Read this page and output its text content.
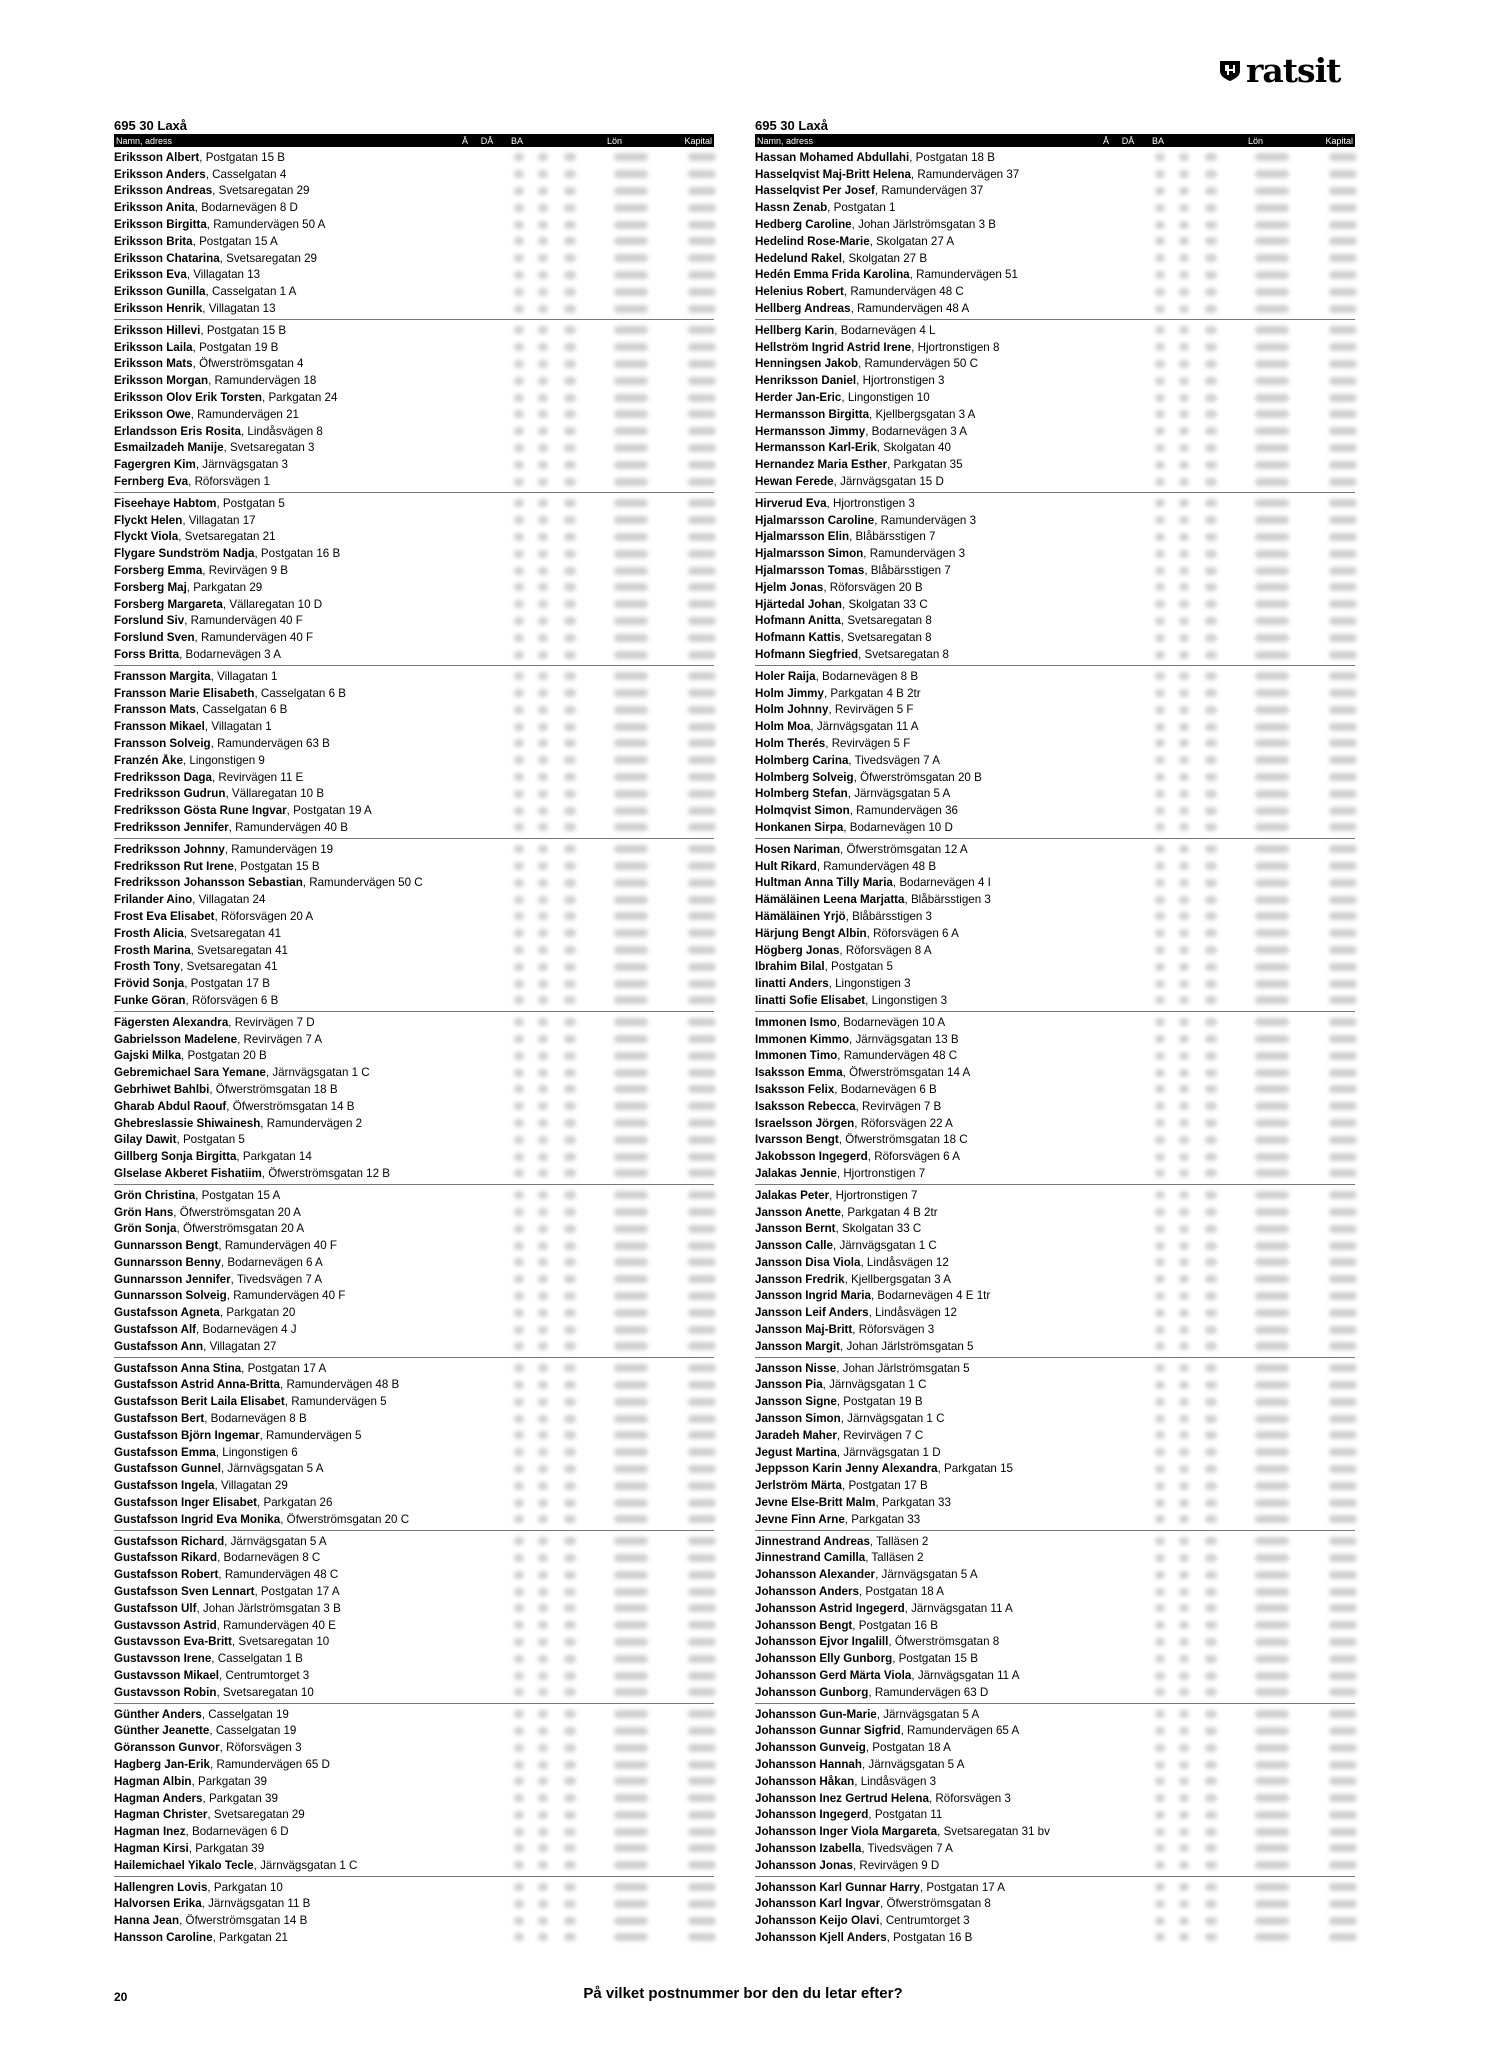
ratsit
695 30 Laxå
Namn, adress	Å	DÅ	BA	Lön	Kapital
Eriksson Albert, Postgatan 15 B
Eriksson Anders, Casselgatan 4
Eriksson Andreas, Svetsaregatan 29
Eriksson Anita, Bodarnevägen 8 D
Eriksson Birgitta, Ramundervägen 50 A
Eriksson Brita, Postgatan 15 A
Eriksson Chatarina, Svetsaregatan 29
Eriksson Eva, Villagatan 13
Eriksson Gunilla, Casselgatan 1 A
Eriksson Henrik, Villagatan 13
Eriksson Hillevi, Postgatan 15 B
Eriksson Laila, Postgatan 19 B
Eriksson Mats, Öfwerströmsgatan 4
Eriksson Morgan, Ramundervägen 18
Eriksson Olov Erik Torsten, Parkgatan 24
Eriksson Owe, Ramundervägen 21
Erlandsson Eris Rosita, Lindåsvägen 8
Esmailzadeh Manije, Svetsaregatan 3
Fagergren Kim, Järnvägsgatan 3
Fernberg Eva, Röforsvägen 1
Fiseehaye Habtom, Postgatan 5
Flyckt Helen, Villagatan 17
Flyckt Viola, Svetsaregatan 21
Flygare Sundström Nadja, Postgatan 16 B
Forsberg Emma, Revirvägen 9 B
Forsberg Maj, Parkgatan 29
Forsberg Margareta, Vällaregatan 10 D
Forslund Siv, Ramundervägen 40 F
Forslund Sven, Ramundervägen 40 F
Forss Britta, Bodarnevägen 3 A
Fransson Margita, Villagatan 1
Fransson Marie Elisabeth, Casselgatan 6 B
Fransson Mats, Casselgatan 6 B
Fransson Mikael, Villagatan 1
Fransson Solveig, Ramundervägen 63 B
Franzén Åke, Lingonstigen 9
Fredriksson Daga, Revirvägen 11 E
Fredriksson Gudrun, Vällaregatan 10 B
Fredriksson Gösta Rune Ingvar, Postgatan 19 A
Fredriksson Jennifer, Ramundervägen 40 B
Fredriksson Johnny, Ramundervägen 19
Fredriksson Rut Irene, Postgatan 15 B
Fredriksson Johansson Sebastian, Ramundervägen 50 C
Frilander Aino, Villagatan 24
Frost Eva Elisabet, Röforsvägen 20 A
Frosth Alicia, Svetsaregatan 41
Frosth Marina, Svetsaregatan 41
Frosth Tony, Svetsaregatan 41
Frövid Sonja, Postgatan 17 B
Funke Göran, Röforsvägen 6 B
Fägersten Alexandra, Revirvägen 7 D
Gabrielsson Madelene, Revirvägen 7 A
Gajski Milka, Postgatan 20 B
Gebremichael Sara Yemane, Järnvägsgatan 1 C
Gebrhiwet Bahlbi, Öfwerströmsgatan 18 B
Gharab Abdul Raouf, Öfwerströmsgatan 14 B
Ghebreslassie Shiwainesh, Ramundervägen 2
Gilay Dawit, Postgatan 5
Gillberg Sonja Birgitta, Parkgatan 14
Glselase Akberet Fishatiim, Öfwerströmsgatan 12 B
Grön Christina, Postgatan 15 A
Grön Hans, Öfwerströmsgatan 20 A
Grön Sonja, Öfwerströmsgatan 20 A
Gunnarsson Bengt, Ramundervägen 40 F
Gunnarsson Benny, Bodarnevägen 6 A
Gunnarsson Jennifer, Tivedsvägen 7 A
Gunnarsson Solveig, Ramundervägen 40 F
Gustafsson Agneta, Parkgatan 20
Gustafsson Alf, Bodarnevägen 4 J
Gustafsson Ann, Villagatan 27
Gustafsson Anna Stina, Postgatan 17 A
Gustafsson Astrid Anna-Britta, Ramundervägen 48 B
Gustafsson Berit Laila Elisabet, Ramundervägen 5
Gustafsson Bert, Bodarnevägen 8 B
Gustafsson Björn Ingemar, Ramundervägen 5
Gustafsson Emma, Lingonstigen 6
Gustafsson Gunnel, Järnvägsgatan 5 A
Gustafsson Ingela, Villagatan 29
Gustafsson Inger Elisabet, Parkgatan 26
Gustafsson Ingrid Eva Monika, Öfwerströmsgatan 20 C
Gustafsson Richard, Järnvägsgatan 5 A
Gustafsson Rikard, Bodarnevägen 8 C
Gustafsson Robert, Ramundervägen 48 C
Gustafsson Sven Lennart, Postgatan 17 A
Gustafsson Ulf, Johan Järlströmsgatan 3 B
Gustavsson Astrid, Ramundervägen 40 E
Gustavsson Eva-Britt, Svetsaregatan 10
Gustavsson Irene, Casselgatan 1 B
Gustavsson Mikael, Centrumtorget 3
Gustavsson Robin, Svetsaregatan 10
Günther Anders, Casselgatan 19
Günther Jeanette, Casselgatan 19
Göransson Gunvor, Röforsvägen 3
Hagberg Jan-Erik, Ramundervägen 65 D
Hagman Albin, Parkgatan 39
Hagman Anders, Parkgatan 39
Hagman Christer, Svetsaregatan 29
Hagman Inez, Bodarnevägen 6 D
Hagman Kirsi, Parkgatan 39
Hailemichael Yikalo Tecle, Järnvägsgatan 1 C
Hallengren Lovis, Parkgatan 10
Halvorsen Erika, Järnvägsgatan 11 B
Hanna Jean, Öfwerströmsgatan 14 B
Hansson Caroline, Parkgatan 21
695 30 Laxå
Namn, adress	Å	DÅ	BA	Lön	Kapital
Hassan Mohamed Abdullahi, Postgatan 18 B
Hasselqvist Maj-Britt Helena, Ramundervägen 37
Hasselqvist Per Josef, Ramundervägen 37
Hassn Zenab, Postgatan 1
Hedberg Caroline, Johan Järlströmsgatan 3 B
Hedelind Rose-Marie, Skolgatan 27 A
Hedelund Rakel, Skolgatan 27 B
Hedén Emma Frida Karolina, Ramundervägen 51
Helenius Robert, Ramundervägen 48 C
Hellberg Andreas, Ramundervägen 48 A
Hellberg Karin, Bodarnevägen 4 L
Hellström Ingrid Astrid Irene, Hjortronstigen 8
Henningsen Jakob, Ramundervägen 50 C
Henriksson Daniel, Hjortronstigen 3
Herder Jan-Eric, Lingonstigen 10
Hermansson Birgitta, Kjellbergsgatan 3 A
Hermansson Jimmy, Bodarnevägen 3 A
Hermansson Karl-Erik, Skolgatan 40
Hernandez Maria Esther, Parkgatan 35
Hewan Ferede, Järnvägsgatan 15 D
Hirverud Eva, Hjortronstigen 3
Hjalmarsson Caroline, Ramundervägen 3
Hjalmarsson Elin, Blåbärsstigen 7
Hjalmarsson Simon, Ramundervägen 3
Hjalmarsson Tomas, Blåbärsstigen 7
Hjelm Jonas, Röforsvägen 20 B
Hjärtedal Johan, Skolgatan 33 C
Hofmann Anitta, Svetsaregatan 8
Hofmann Kattis, Svetsaregatan 8
Hofmann Siegfried, Svetsaregatan 8
Holer Raija, Bodarnevägen 8 B
Holm Jimmy, Parkgatan 4 B 2tr
Holm Johnny, Revirvägen 5 F
Holm Moa, Järnvägsgatan 11 A
Holm Therés, Revirvägen 5 F
Holmberg Carina, Tivedsvägen 7 A
Holmberg Solveig, Öfwerströmsgatan 20 B
Holmberg Stefan, Järnvägsgatan 5 A
Holmqvist Simon, Ramundervägen 36
Honkanen Sirpa, Bodarnevägen 10 D
Hosen Nariman, Öfwerströmsgatan 12 A
Hult Rikard, Ramundervägen 48 B
Hultman Anna Tilly Maria, Bodarnevägen 4 I
Hämäläinen Leena Marjatta, Blåbärsstigen 3
Hämäläinen Yrjö, Blåbärsstigen 3
Härjung Bengt Albin, Röforsvägen 6 A
Högberg Jonas, Röforsvägen 8 A
Ibrahim Bilal, Postgatan 5
Iinatti Anders, Lingonstigen 3
Iinatti Sofie Elisabet, Lingonstigen 3
Immonen Ismo, Bodarnevägen 10 A
Immonen Kimmo, Järnvägsgatan 13 B
Immonen Timo, Ramundervägen 48 C
Isaksson Emma, Öfwerströmsgatan 14 A
Isaksson Felix, Bodarnevägen 6 B
Isaksson Rebecca, Revirvägen 7 B
Israelsson Jörgen, Röforsvägen 22 A
Ivarsson Bengt, Öfwerströmsgatan 18 C
Jakobsson Ingegerd, Röforsvägen 6 A
Jalakas Jennie, Hjortronstigen 7
Jalakas Peter, Hjortronstigen 7
Jansson Anette, Parkgatan 4 B 2tr
Jansson Bernt, Skolgatan 33 C
Jansson Calle, Järnvägsgatan 1 C
Jansson Disa Viola, Lindåsvägen 12
Jansson Fredrik, Kjellbergsgatan 3 A
Jansson Ingrid Maria, Bodarnevägen 4 E 1tr
Jansson Leif Anders, Lindåsvägen 12
Jansson Maj-Britt, Röforsvägen 3
Jansson Margit, Johan Järlströmsgatan 5
Jansson Nisse, Johan Järlströmsgatan 5
Jansson Pia, Järnvägsgatan 1 C
Jansson Signe, Postgatan 19 B
Jansson Simon, Järnvägsgatan 1 C
Jaradeh Maher, Revirvägen 7 C
Jegust Martina, Järnvägsgatan 1 D
Jeppsson Karin Jenny Alexandra, Parkgatan 15
Jerlström Märta, Postgatan 17 B
Jevne Else-Britt Malm, Parkgatan 33
Jevne Finn Arne, Parkgatan 33
Jinnestrand Andreas, Talläsen 2
Jinnestrand Camilla, Talläsen 2
Johansson Alexander, Järnvägsgatan 5 A
Johansson Anders, Postgatan 18 A
Johansson Astrid Ingegerd, Järnvägsgatan 11 A
Johansson Bengt, Postgatan 16 B
Johansson Ejvor Ingalill, Öfwerströmsgatan 8
Johansson Elly Gunborg, Postgatan 15 B
Johansson Gerd Märta Viola, Järnvägsgatan 11 A
Johansson Gunborg, Ramundervägen 63 D
Johansson Gun-Marie, Järnvägsgatan 5 A
Johansson Gunnar Sigfrid, Ramundervägen 65 A
Johansson Gunveig, Postgatan 18 A
Johansson Hannah, Järnvägsgatan 5 A
Johansson Håkan, Lindåsvägen 3
Johansson Inez Gertrud Helena, Röforsvägen 3
Johansson Ingegerd, Postgatan 11
Johansson Inger Viola Margareta, Svetsaregatan 31 bv
Johansson Izabella, Tivedsvägen 7 A
Johansson Jonas, Revirvägen 9 D
Johansson Karl Gunnar Harry, Postgatan 17 A
Johansson Karl Ingvar, Öfwerströmsgatan 8
Johansson Keijo Olavi, Centrumtorget 3
Johansson Kjell Anders, Postgatan 16 B
20	På vilket postnummer bor den du letar efter?
